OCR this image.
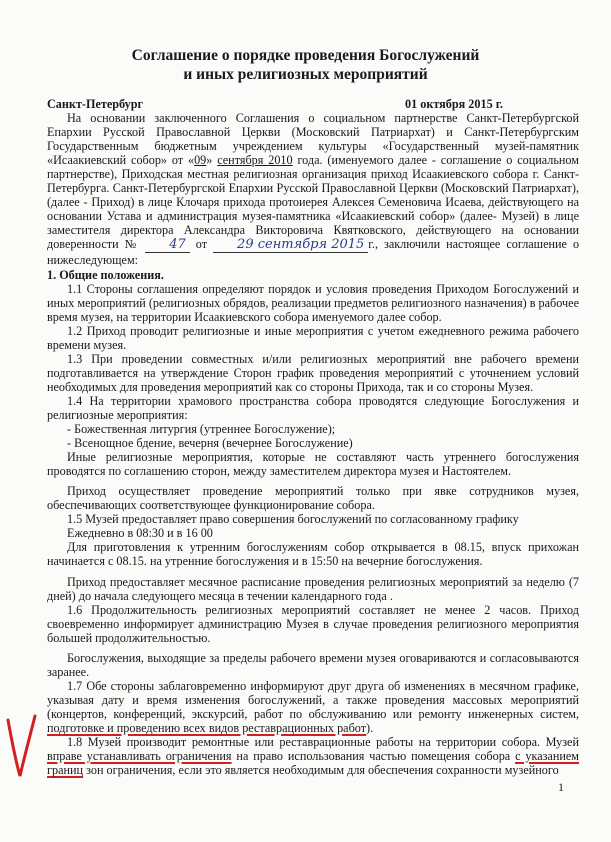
Соглашение о порядке проведения Богослужений
и иных религиозных мероприятий
Санкт-Петербург	01 октября 2015 г.

На основании заключенного Соглашения о социальном партнерстве Санкт-Петербургской Епархии Русской Православной Церкви (Московский Патриархат) и Санкт-Петербургским Государственным бюджетным учреждением культуры «Государственный музей-памятник «Исаакиевский собор» от «09» сентября 2010 года. (именуемого далее - соглашение о социальном партнерстве), Приходская местная религиозная организация приход Исаакиевского собора г. Санкт-Петербурга. Санкт-Петербургской Епархии Русской Православной Церкви (Московский Патриархат), (далее - Приход) в лице Клочаря прихода протоиерея Алексея Семеновича Исаева, действующего на основании Устава и администрация музея-памятника «Исаакиевский собор» (далее- Музей) в лице заместителя директора Александра Викторовича Квятковского, действующего на основании доверенности № 47 от 29 сентября 2015 г., заключили настоящее соглашение о нижеследующем:

1. Общие положения.

1.1 Стороны соглашения определяют порядок и условия проведения Приходом Богослужений и иных мероприятий (религиозных обрядов, реализации предметов религиозного назначения) в рабочее время музея, на территории Исаакиевского собора именуемого далее собор.

1.2 Приход проводит религиозные и иные мероприятия с учетом ежедневного режима рабочего времени музея.

1.3 При проведении совместных и/или религиозных мероприятий вне рабочего времени подготавливается на утверждение Сторон график проведения мероприятий с уточнением условий необходимых для проведения мероприятий как со стороны Прихода, так и со стороны Музея.

1.4 На территории храмового пространства собора проводятся следующие Богослужения и религиозные мероприятия:

- Божественная литургия (утреннее Богослужение);

- Всенощное бдение, вечерня (вечернее Богослужение)

Иные религиозные мероприятия, которые не составляют часть утреннего богослужения проводятся по соглашению сторон, между заместителем директора музея и Настоятелем.

Приход осуществляет проведение мероприятий только при явке сотрудников музея, обеспечивающих соответствующее функционирование собора.

1.5 Музей предоставляет право совершения богослужений по согласованному графику

Ежедневно в 08:30 и в 16 00

Для приготовления к утренним богослужениям собор открывается в 08.15, впуск прихожан начинается с 08.15. на утренние богослужения и в 15:50 на вечерние богослужения.

Приход предоставляет месячное расписание проведения религиозных мероприятий за неделю (7 дней) до начала следующего месяца в течении календарного года .

1.6 Продолжительность религиозных мероприятий составляет не менее 2 часов. Приход своевременно информирует администрацию Музея в случае проведения религиозного мероприятия большей продолжительностью.

Богослужения, выходящие за пределы рабочего времени музея оговариваются и согласовываются заранее.

1.7 Обе стороны заблаговременно информируют друг друга об изменениях в месячном графике, указывая дату и время изменения богослужений, а также проведения массовых мероприятий (концертов, конференций, экскурсий, работ по обслуживанию или ремонту инженерных систем, подготовке и проведению всех видов реставрационных работ).

1.8 Музей производит ремонтные или реставрационные работы на территории собора. Музей вправе устанавливать ограничения на право использования частью помещения собора с указанием границ зон ограничения, если это является необходимым для обеспечения сохранности музейного

1
